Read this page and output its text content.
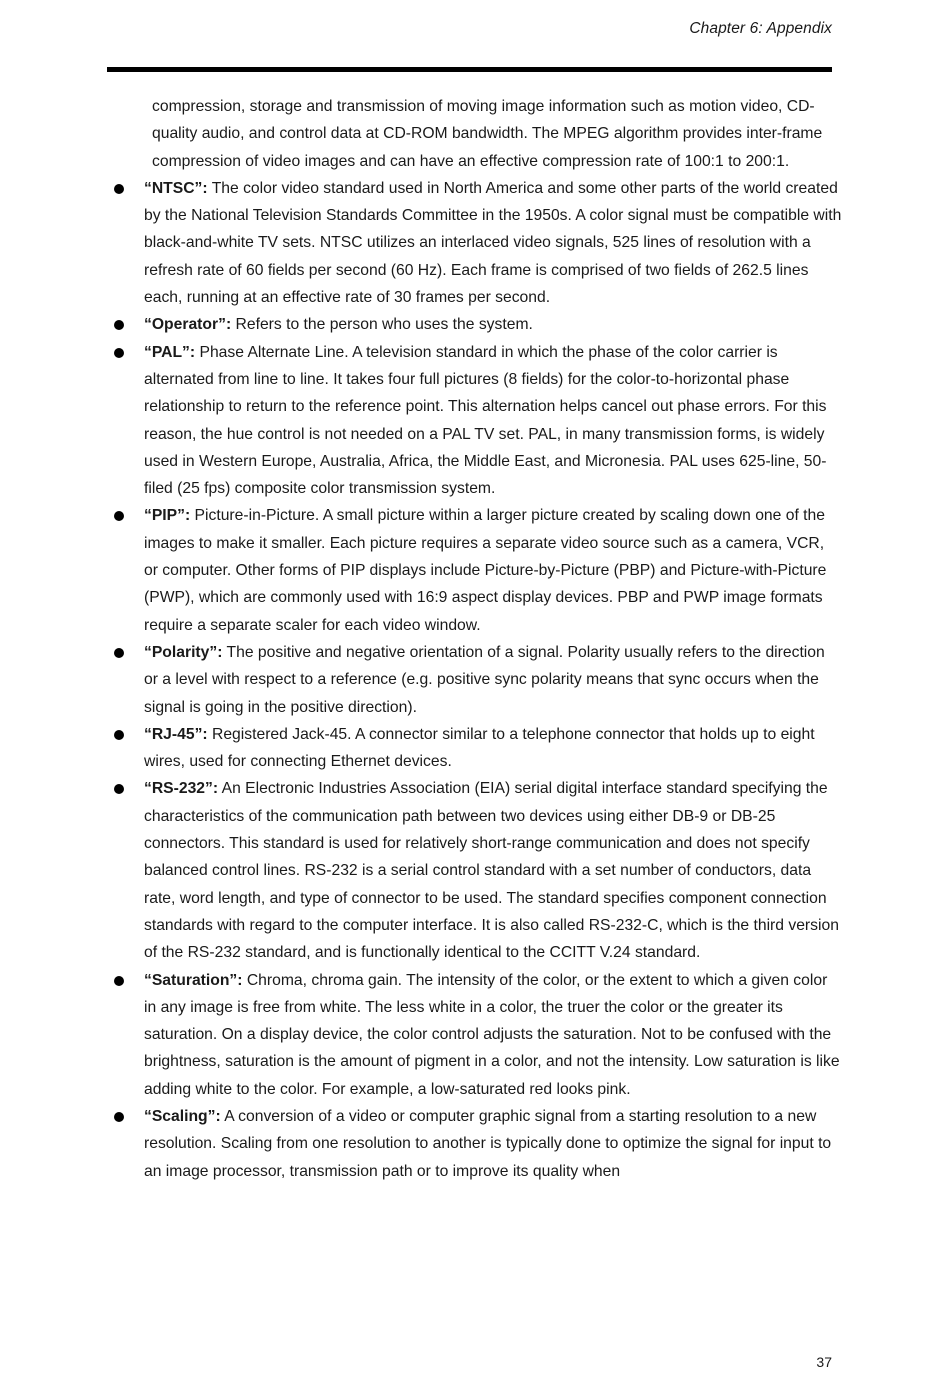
Chapter 6: Appendix

compression, storage and transmission of moving image information such as motion video, CD-quality audio, and control data at CD-ROM bandwidth. The MPEG algorithm provides inter-frame compression of video images and can have an effective compression rate of 100:1 to 200:1.

“NTSC”: The color video standard used in North America and some other parts of the world created by the National Television Standards Committee in the 1950s. A color signal must be compatible with black-and-white TV sets. NTSC utilizes an interlaced video signals, 525 lines of resolution with a refresh rate of 60 fields per second (60 Hz). Each frame is comprised of two fields of 262.5 lines each, running at an effective rate of 30 frames per second.
“Operator”: Refers to the person who uses the system.
“PAL”: Phase Alternate Line. A television standard in which the phase of the color carrier is alternated from line to line. It takes four full pictures (8 fields) for the color-to-horizontal phase relationship to return to the reference point. This alternation helps cancel out phase errors. For this reason, the hue control is not needed on a PAL TV set. PAL, in many transmission forms, is widely used in Western Europe, Australia, Africa, the Middle East, and Micronesia. PAL uses 625-line, 50-filed (25 fps) composite color transmission system.
“PIP”: Picture-in-Picture. A small picture within a larger picture created by scaling down one of the images to make it smaller. Each picture requires a separate video source such as a camera, VCR, or computer. Other forms of PIP displays include Picture-by-Picture (PBP) and Picture-with-Picture (PWP), which are commonly used with 16:9 aspect display devices. PBP and PWP image formats require a separate scaler for each video window.
“Polarity”: The positive and negative orientation of a signal. Polarity usually refers to the direction or a level with respect to a reference (e.g. positive sync polarity means that sync occurs when the signal is going in the positive direction).
“RJ-45”: Registered Jack-45. A connector similar to a telephone connector that holds up to eight wires, used for connecting Ethernet devices.
“RS-232”: An Electronic Industries Association (EIA) serial digital interface standard specifying the characteristics of the communication path between two devices using either DB-9 or DB-25 connectors. This standard is used for relatively short-range communication and does not specify balanced control lines. RS-232 is a serial control standard with a set number of conductors, data rate, word length, and type of connector to be used. The standard specifies component connection standards with regard to the computer interface. It is also called RS-232-C, which is the third version of the RS-232 standard, and is functionally identical to the CCITT V.24 standard.
“Saturation”: Chroma, chroma gain. The intensity of the color, or the extent to which a given color in any image is free from white. The less white in a color, the truer the color or the greater its saturation. On a display device, the color control adjusts the saturation. Not to be confused with the brightness, saturation is the amount of pigment in a color, and not the intensity. Low saturation is like adding white to the color. For example, a low-saturated red looks pink.
“Scaling”: A conversion of a video or computer graphic signal from a starting resolution to a new resolution. Scaling from one resolution to another is typically done to optimize the signal for input to an image processor, transmission path or to improve its quality when
37
